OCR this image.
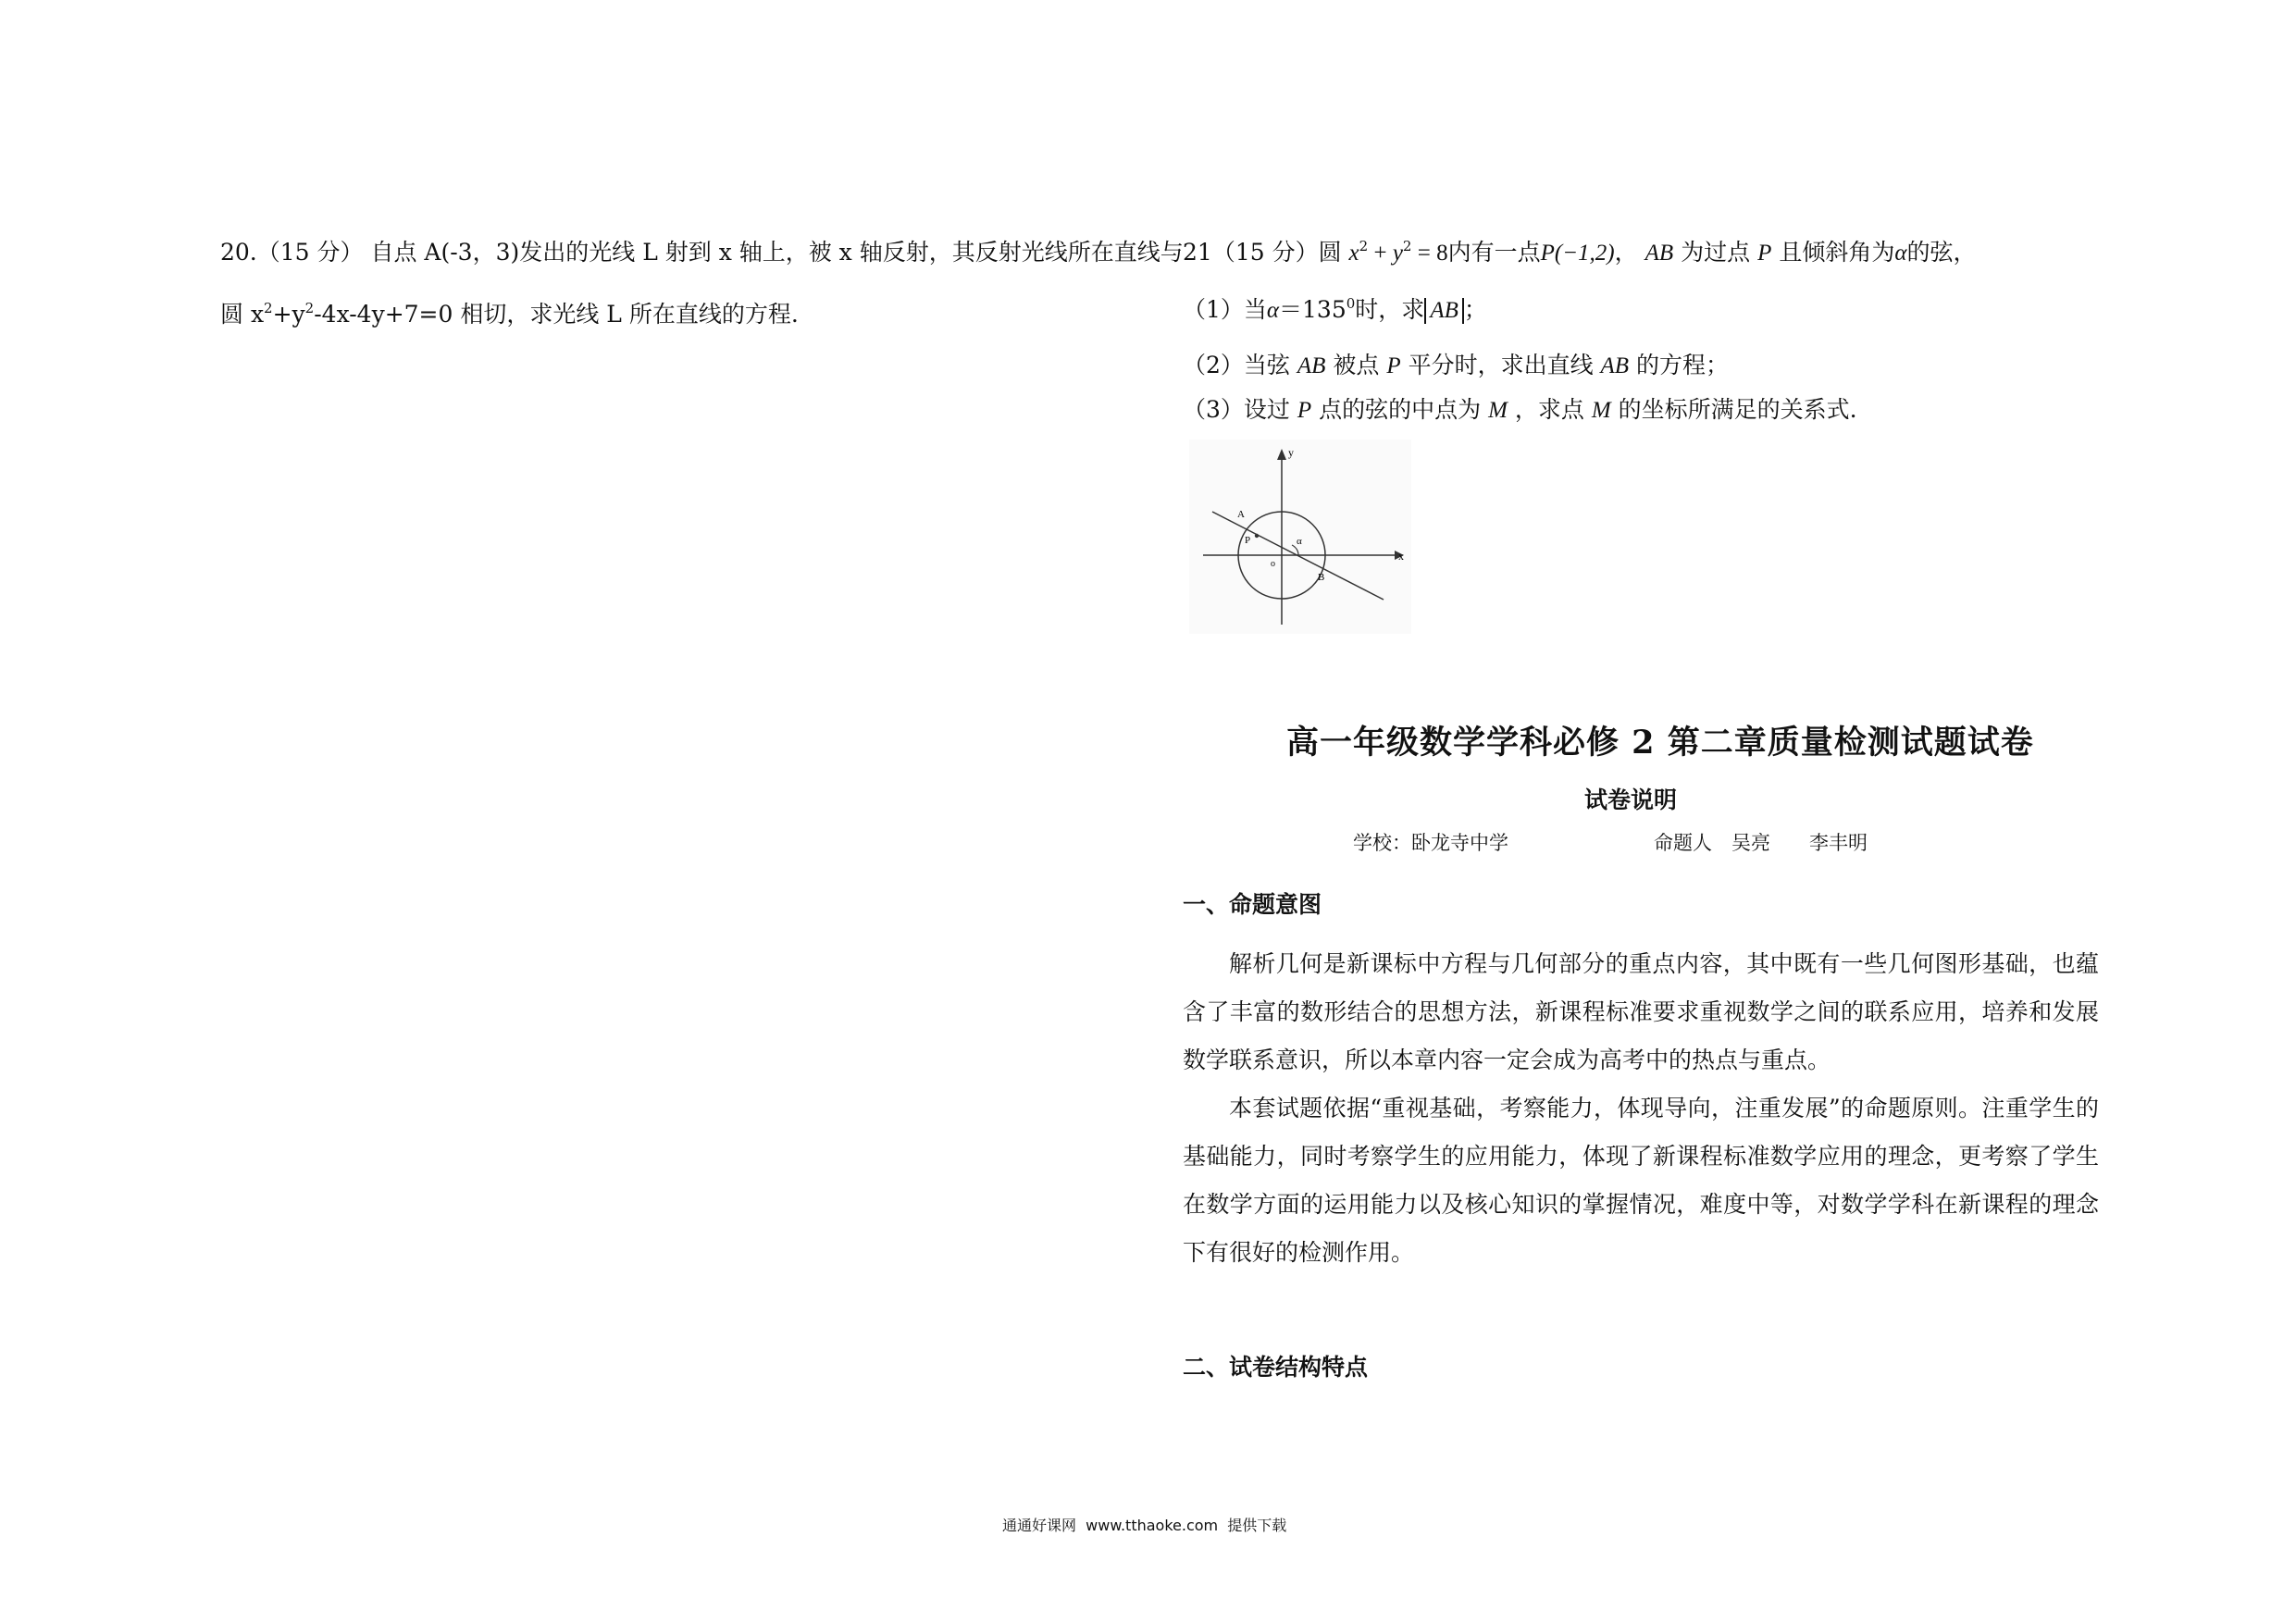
20.（15 分） 自点 A(-3，3)发出的光线 L 射到 x 轴上，被 x 轴反射，其反射光线所在直线与
圆 $x^2+y^2-4x-4y+7=0$ 相切，求光线 L 所在直线的方程.
21（15 分）圆 $x^2 + y^2 = 8$内有一点P(−1,2)， AB 为过点 P 且倾斜角为α的弦，
（1）当$\alpha=135^0$时，求 AB ；
（2）当弦 AB 被点 P 平分时，求出直线 AB 的方程；
（3）设过 P 点的弦的中点为 M ，求点 M 的坐标所满足的关系式.
y
x
A
P
o
B
α
高一年级数学学科必修 2 第二章质量检测试题试卷
试卷说明
学校：卧龙寺中学	命题人　吴亮　　李丰明
一、命题意图
解析几何是新课标中方程与几何部分的重点内容，其中既有一些几何图形基础，也蕴含了丰富的数形结合的思想方法，新课程标准要求重视数学之间的联系应用，培养和发展数学联系意识，所以本章内容一定会成为高考中的热点与重点。
本套试题依据“重视基础，考察能力，体现导向，注重发展”的命题原则。注重学生的基础能力，同时考察学生的应用能力，体现了新课程标准数学应用的理念，更考察了学生在数学方面的运用能力以及核心知识的掌握情况，难度中等，对数学学科在新课程的理念下有很好的检测作用。
二、试卷结构特点
通通好课网  www.tthaoke.com  提供下载
